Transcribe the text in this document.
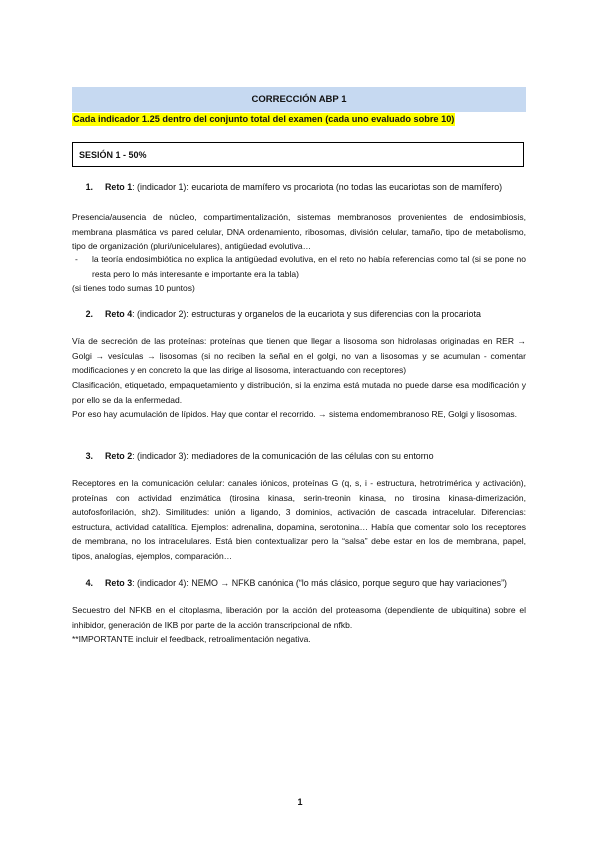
CORRECCIÓN ABP 1
Cada indicador 1.25 dentro del conjunto total del examen (cada uno evaluado sobre 10)
SESIÓN 1 - 50%
1. Reto 1: (indicador 1): eucariota de mamífero vs procariota (no todas las eucariotas son de mamífero)
Presencia/ausencia de núcleo, compartimentalización, sistemas membranosos provenientes de endosimbiosis, membrana plasmática vs pared celular, DNA ordenamiento, ribosomas, división celular, tamaño, tipo de metabolismo, tipo de organización (pluri/unicelulares), antigüedad evolutiva…
-	la teoría endosimbiótica no explica la antigüedad evolutiva, en el reto no había referencias como tal (si se pone no resta pero lo más interesante e importante era la tabla)
(si tienes todo sumas 10 puntos)
2. Reto 4: (indicador 2): estructuras y organelos de la eucariota y sus diferencias con la procariota
Vía de secreción de las proteínas: proteínas que tienen que llegar a lisosoma son hidrolasas originadas en RER → Golgi → vesículas → lisosomas (si no reciben la señal en el golgi, no van a lisosomas y se acumulan - comentar modificaciones y en concreto la que las dirige al lisosoma, interactuando con receptores)
Clasificación, etiquetado, empaquetamiento y distribución, si la enzima está mutada no puede darse esa modificación y por ello se da la enfermedad.
Por eso hay acumulación de lípidos. Hay que contar el recorrido. → sistema endomembranoso RE, Golgi y lisosomas.
3. Reto 2: (indicador 3): mediadores de la comunicación de las células con su entorno
Receptores en la comunicación celular: canales iónicos, proteínas G (q, s, i - estructura, hetrotrimérica y activación), proteínas con actividad enzimática (tirosina kinasa, serin-treonin kinasa, no tirosina kinasa-dimerización, autofosforilación, sh2). Similitudes: unión a ligando, 3 dominios, activación de cascada intracelular. Diferencias: estructura, actividad catalítica. Ejemplos: adrenalina, dopamina, serotonina… Había que comentar solo los receptores de membrana, no los intracelulares. Está bien contextualizar pero la “salsa” debe estar en los de membrana, papel, tipos, analogías, ejemplos, comparación…
4. Reto 3: (indicador 4): NEMO → NFKB canónica (“lo más clásico, porque seguro que hay variaciones”)
Secuestro del NFKB en el citoplasma, liberación por la acción del proteasoma (dependiente de ubiquitina) sobre el inhibidor, generación de IKB por parte de la acción transcripcional de nfkb.
**IMPORTANTE incluir el feedback, retroalimentación negativa.
1
